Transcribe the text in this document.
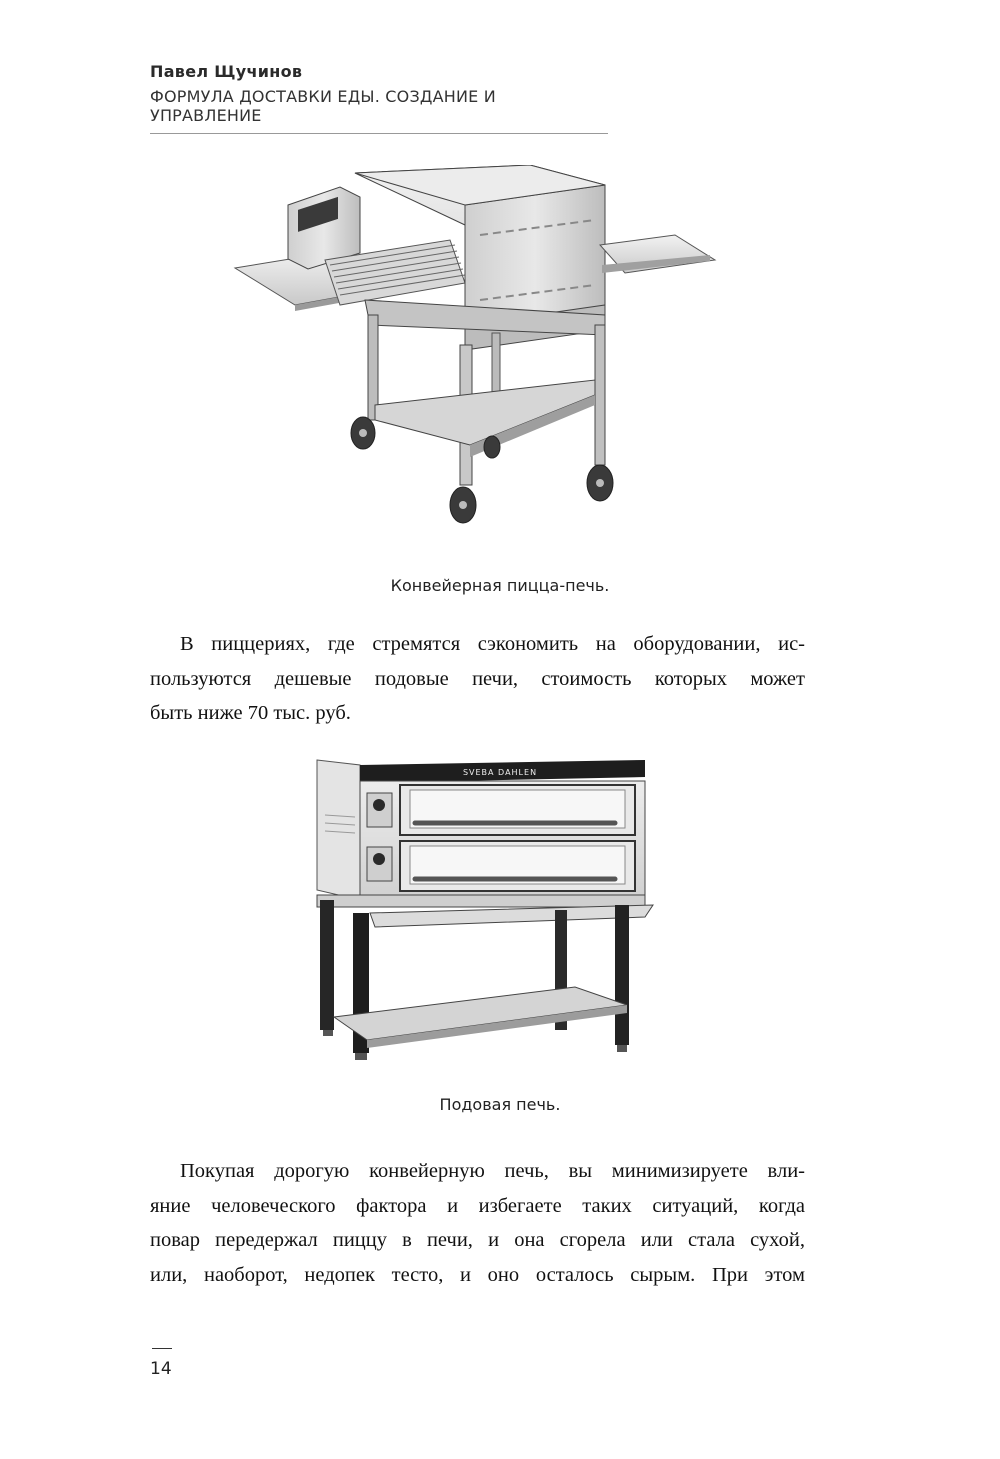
Павел Щучинов
ФОРМУЛА ДОСТАВКИ ЕДЫ. СОЗДАНИЕ И УПРАВЛЕНИЕ
Конвейерная пицца-печь.
В пиццериях, где стремятся сэкономить на оборудовании, ис-
пользуются дешевые подовые печи, стоимость которых может
быть ниже 70 тыс. руб.
SVEBA DAHLEN
Подовая печь.
Покупая дорогую конвейерную печь, вы минимизируете вли-
яние человеческого фактора и избегаете таких ситуаций, когда
повар передержал пиццу в печи, и она сгорела или стала сухой,
или, наоборот, недопек тесто, и оно осталось сырым. При этом
14
